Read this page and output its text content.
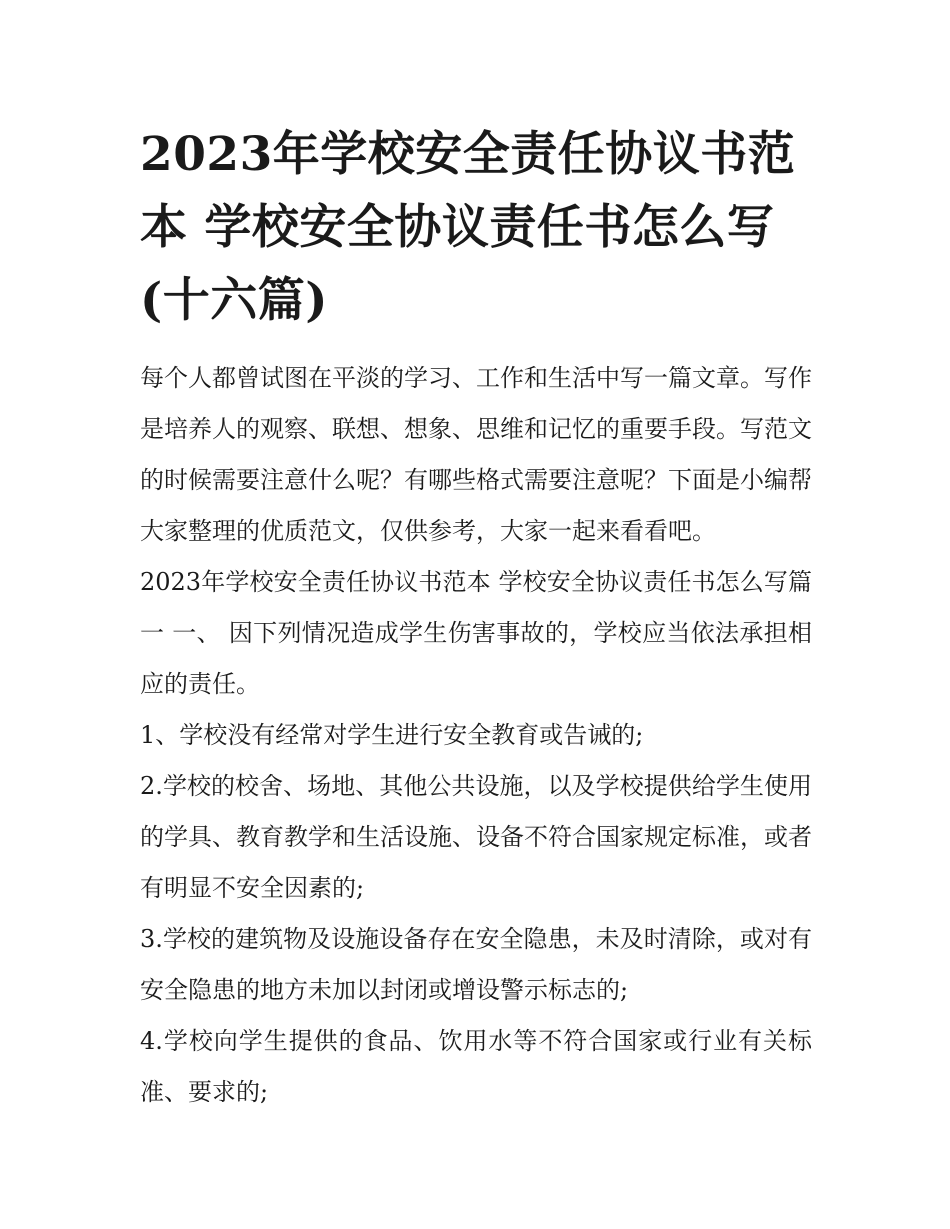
2023年学校安全责任协议书范本 学校安全协议责任书怎么写(十六篇)

每个人都曾试图在平淡的学习、工作和生活中写一篇文章。写作是培养人的观察、联想、想象、思维和记忆的重要手段。写范文的时候需要注意什么呢？有哪些格式需要注意呢？下面是小编帮大家整理的优质范文，仅供参考，大家一起来看看吧。

2023年学校安全责任协议书范本 学校安全协议责任书怎么写篇一 一、 因下列情况造成学生伤害事故的，学校应当依法承担相应的责任。

1、学校没有经常对学生进行安全教育或告诫的;

2.学校的校舍、场地、其他公共设施，以及学校提供给学生使用的学具、教育教学和生活设施、设备不符合国家规定标准，或者有明显不安全因素的;

3.学校的建筑物及设施设备存在安全隐患，未及时清除，或对有安全隐患的地方未加以封闭或增设警示标志的;

4.学校向学生提供的食品、饮用水等不符合国家或行业有关标准、要求的;
